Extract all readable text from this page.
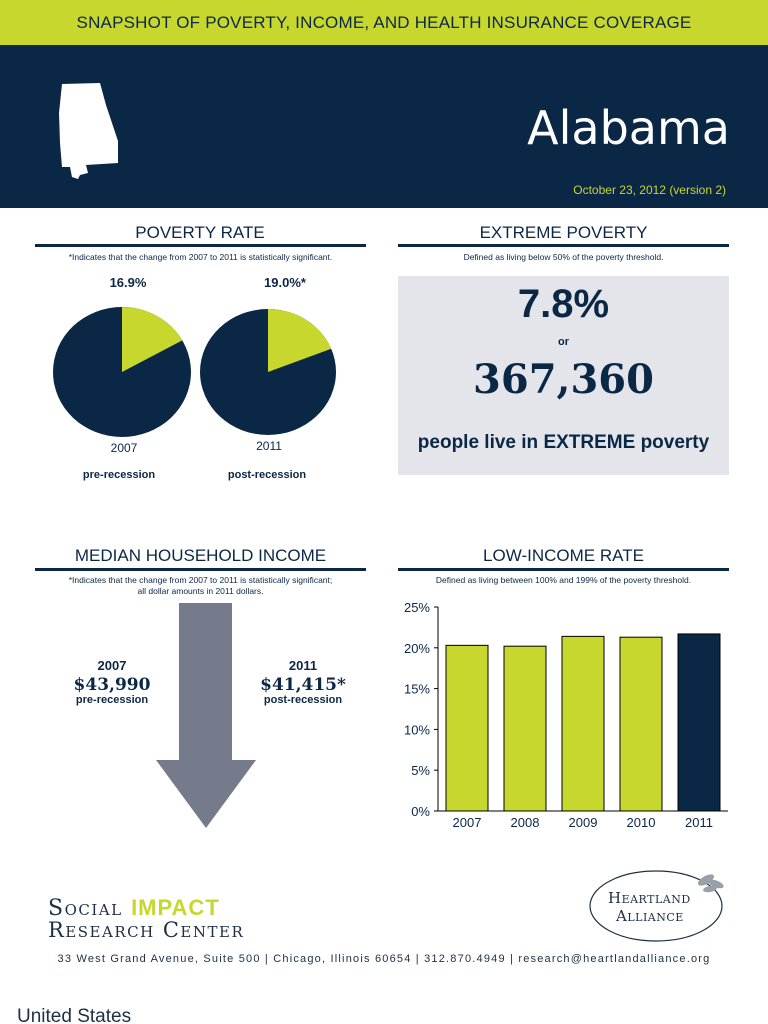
SNAPSHOT OF POVERTY, INCOME, AND HEALTH INSURANCE COVERAGE
Alabama
October 23, 2012 (version 2)
POVERTY RATE
*Indicates that the change from 2007 to 2011 is statistically significant.
16.9%	19.0%*
2007	2011
pre-recession	post-recession
EXTREME POVERTY
Defined as living below 50% of the poverty threshold.
7.8%
or
367,360
people live in EXTREME poverty
MEDIAN HOUSEHOLD INCOME
*Indicates that the change from 2007 to 2011 is statistically significant;
all dollar amounts in 2011 dollars.
2007
$43,990
pre-recession
2011
$41,415*
post-recession
LOW-INCOME RATE
Defined as living between 100% and 199% of the poverty threshold.
0%
5%
10%
15%
20%
25%
2007 2008 2009 2010 2011
Social IMPACT
Research Center
Heartland
Alliance
33 West Grand Avenue, Suite 500 | Chicago, Illinois 60654 | 312.870.4949 | research@heartlandalliance.org
United States
